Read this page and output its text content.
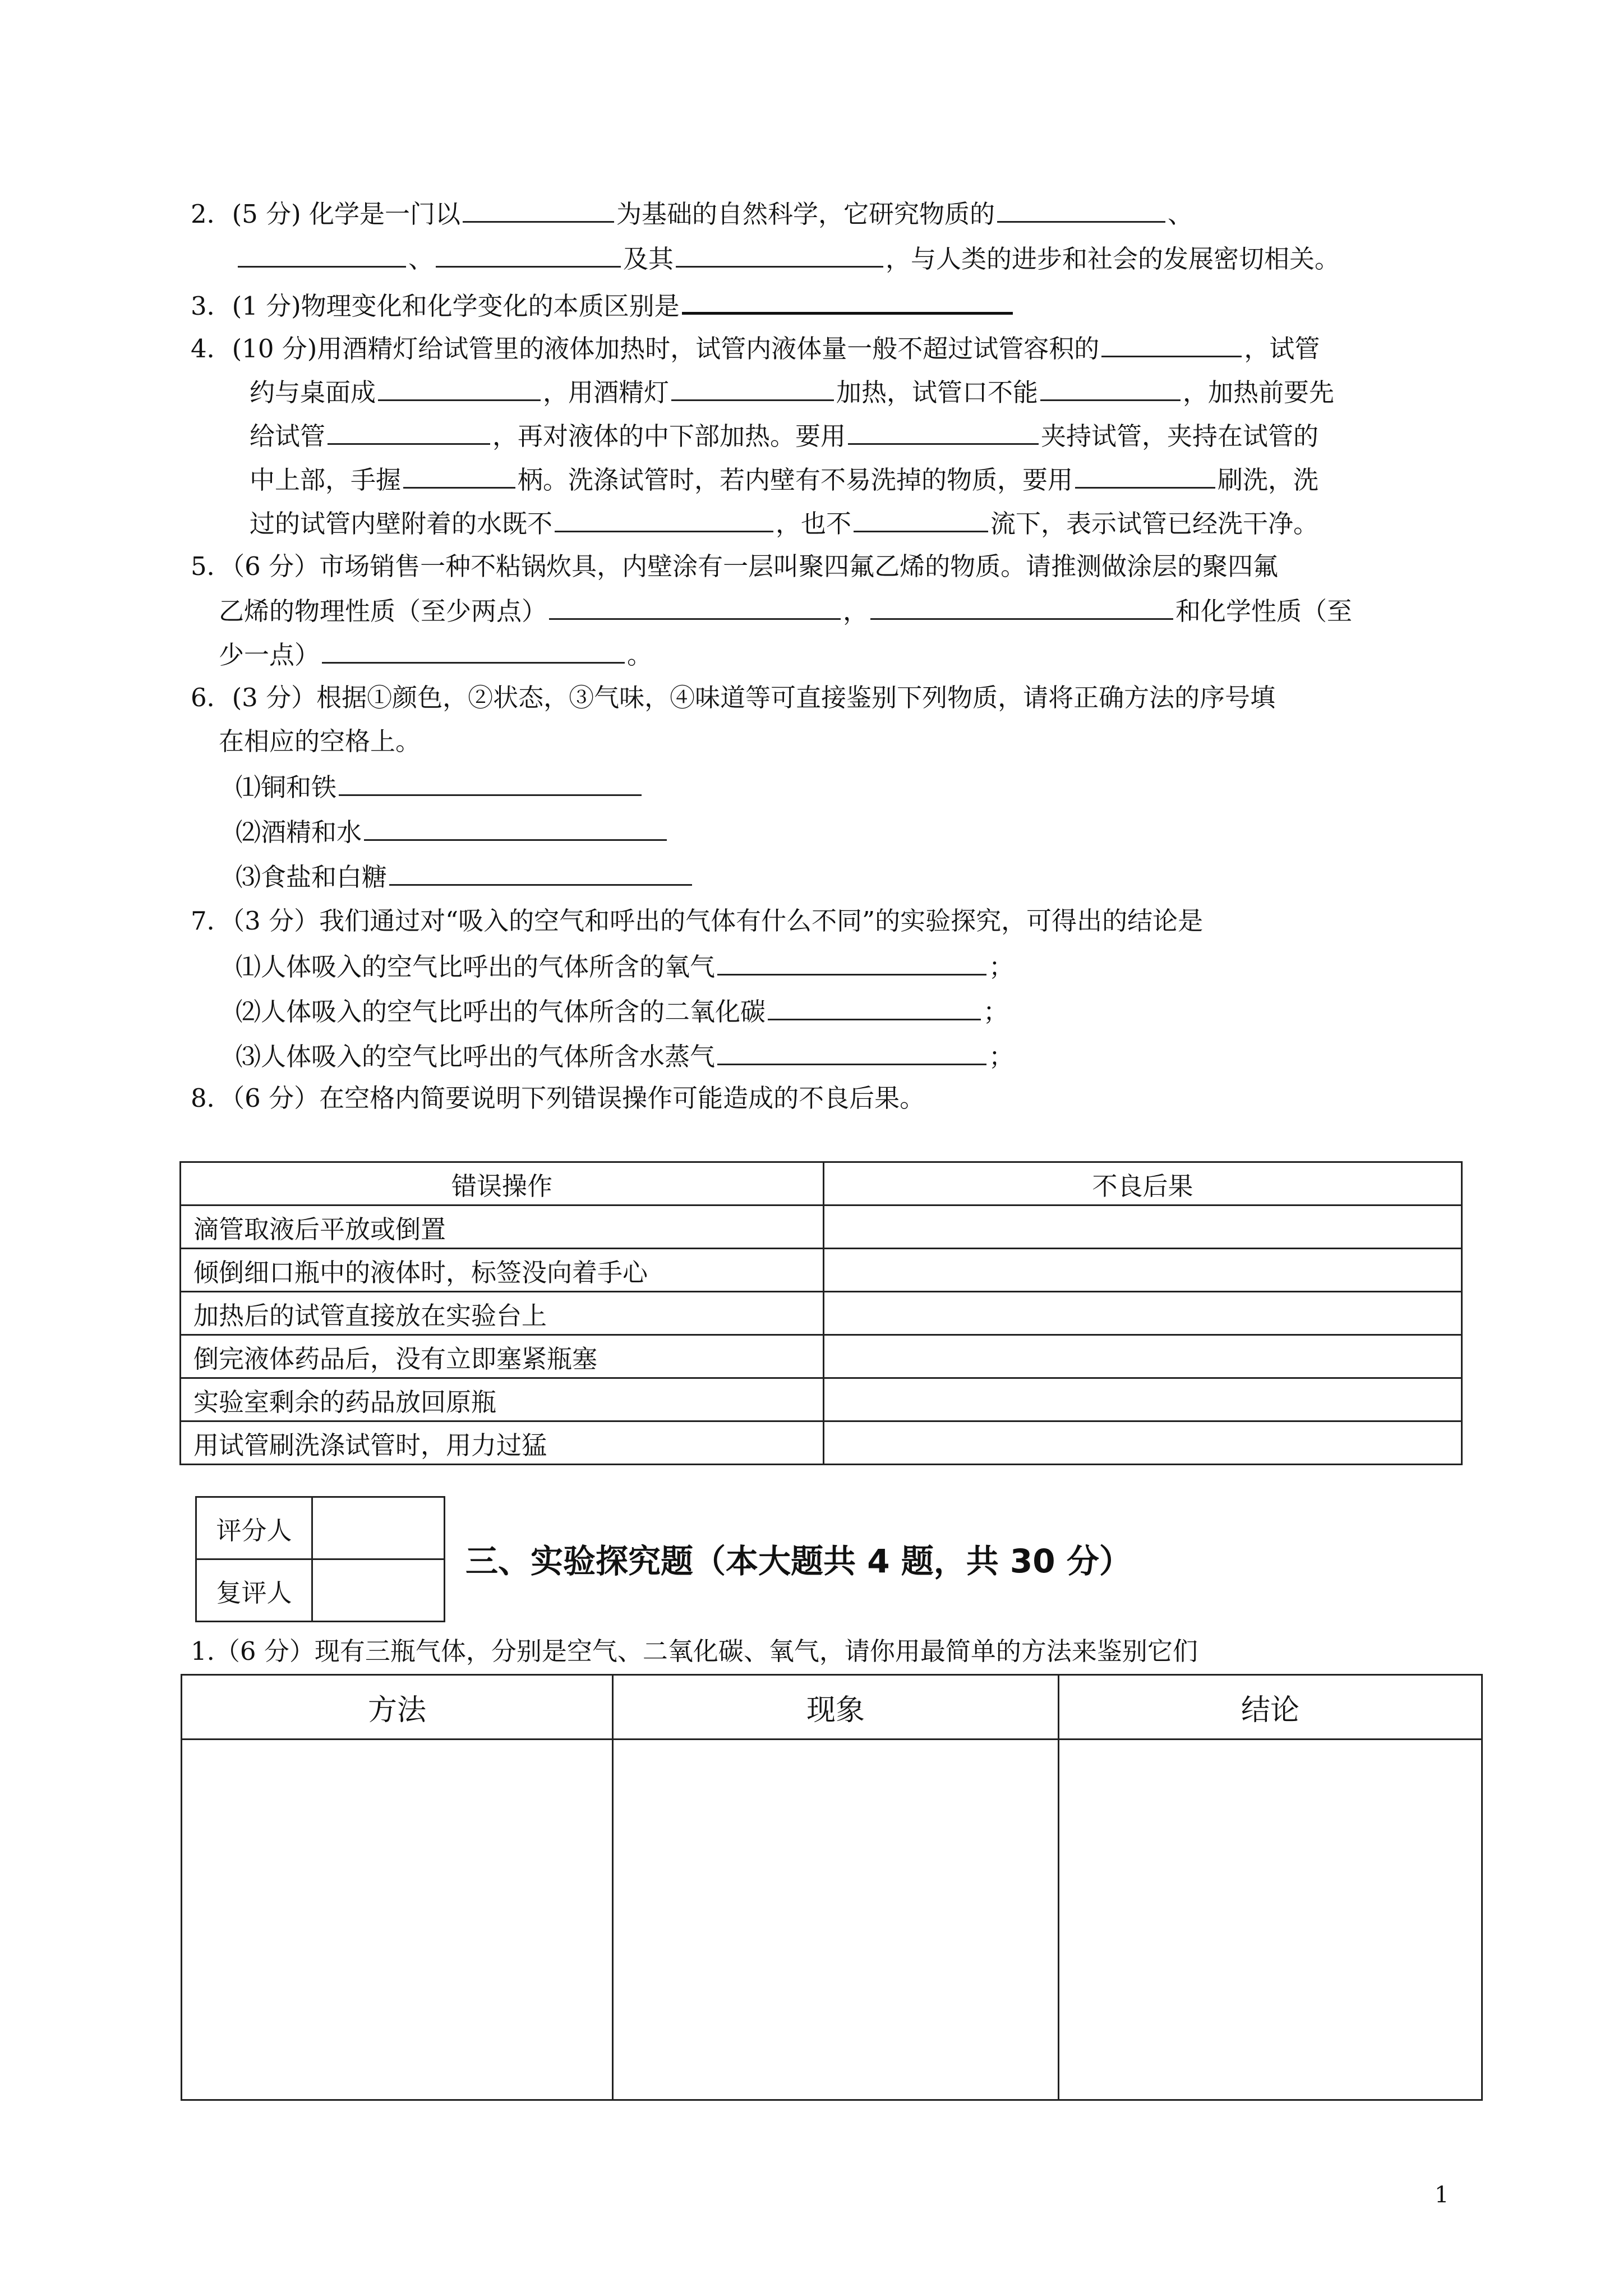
2．(5 分) 化学是一门以	为基础的自然科学，它研究物质的	、
、	及其	，与人类的进步和社会的发展密切相关。
3．(1 分)物理变化和化学变化的本质区别是
4．(10 分)用酒精灯给试管里的液体加热时，试管内液体量一般不超过试管容积的	，试管
约与桌面成	，用酒精灯	加热，试管口不能	，加热前要先
给试管	，再对液体的中下部加热。要用	夹持试管，夹持在试管的
中上部，手握	柄。洗涤试管时，若内壁有不易洗掉的物质，要用	刷洗，洗
过的试管内壁附着的水既不	，也不	流下，表示试管已经洗干净。
5．（6 分）市场销售一种不粘锅炊具，内壁涂有一层叫聚四氟乙烯的物质。请推测做涂层的聚四氟
乙烯的物理性质（至少两点）	，	和化学性质（至
少一点）	。
6．(3 分）根据①颜色，②状态，③气味，④味道等可直接鉴别下列物质，请将正确方法的序号填
在相应的空格上。
⑴铜和铁
⑵酒精和水
⑶食盐和白糖
7．（3 分）我们通过对“吸入的空气和呼出的气体有什么不同”的实验探究，可得出的结论是
⑴人体吸入的空气比呼出的气体所含的氧气	；
⑵人体吸入的空气比呼出的气体所含的二氧化碳	；
⑶人体吸入的空气比呼出的气体所含水蒸气	；
8．（6 分）在空格内简要说明下列错误操作可能造成的不良后果。
错误操作	不良后果
滴管取液后平放或倒置	
倾倒细口瓶中的液体时，标签没向着手心	
加热后的试管直接放在实验台上	
倒完液体药品后，没有立即塞紧瓶塞	
实验室剩余的药品放回原瓶	
用试管刷洗涤试管时，用力过猛	
评分人	
复评人	
三、实验探究题（本大题共 4 题，共 30 分）
1.（6 分）现有三瓶气体，分别是空气、二氧化碳、氧气，请你用最简单的方法来鉴别它们
方法	现象	结论

1
